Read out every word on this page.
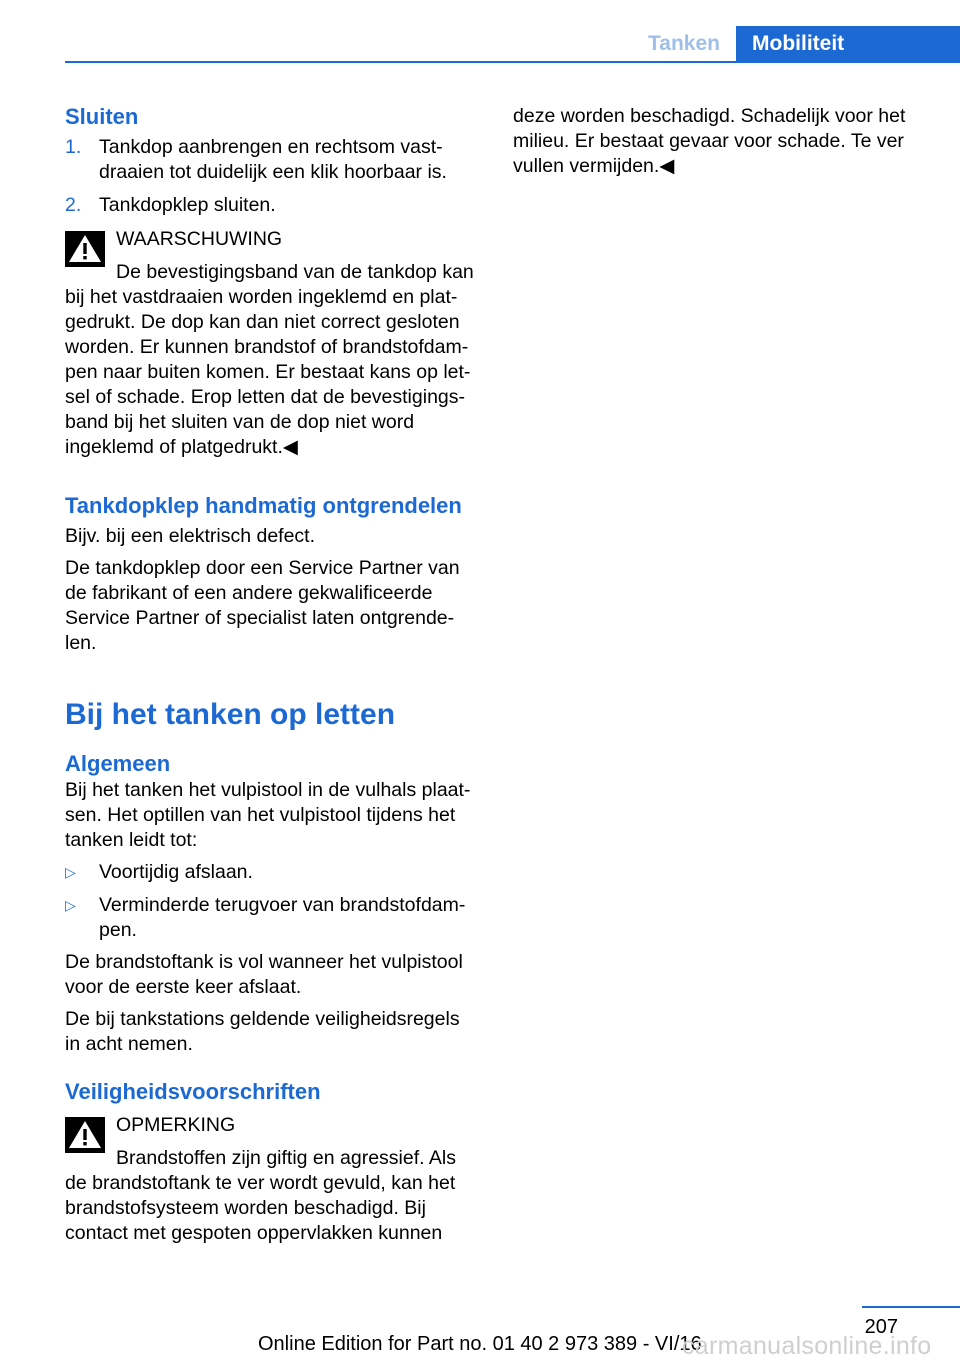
Tanken	Mobiliteit
Sluiten
1. Tankdop aanbrengen en rechtsom vast-
draaien tot duidelijk een klik hoorbaar is.
2. Tankdopklep sluiten.
WAARSCHUWING
De bevestigingsband van de tankdop kan
bij het vastdraaien worden ingeklemd en plat-
gedrukt. De dop kan dan niet correct gesloten
worden. Er kunnen brandstof of brandstofdam-
pen naar buiten komen. Er bestaat kans op let-
sel of schade. Erop letten dat de bevestigings-
band bij het sluiten van de dop niet word
ingeklemd of platgedrukt.◀
Tankdopklep handmatig ontgrendelen
Bijv. bij een elektrisch defect.
De tankdopklep door een Service Partner van
de fabrikant of een andere gekwalificeerde
Service Partner of specialist laten ontgrende-
len.
Bij het tanken op letten
Algemeen
Bij het tanken het vulpistool in de vulhals plaat-
sen. Het optillen van het vulpistool tijdens het
tanken leidt tot:
▷ Voortijdig afslaan.
▷ Verminderde terugvoer van brandstofdam-
pen.
De brandstoftank is vol wanneer het vulpistool
voor de eerste keer afslaat.
De bij tankstations geldende veiligheidsregels
in acht nemen.
Veiligheidsvoorschriften
OPMERKING
Brandstoffen zijn giftig en agressief. Als
de brandstoftank te ver wordt gevuld, kan het
brandstofsysteem worden beschadigd. Bij
contact met gespoten oppervlakken kunnen
deze worden beschadigd. Schadelijk voor het
milieu. Er bestaat gevaar voor schade. Te ver
vullen vermijden.◀
207
Online Edition for Part no. 01 40 2 973 389 - VI/16
carmanualsonline.info
